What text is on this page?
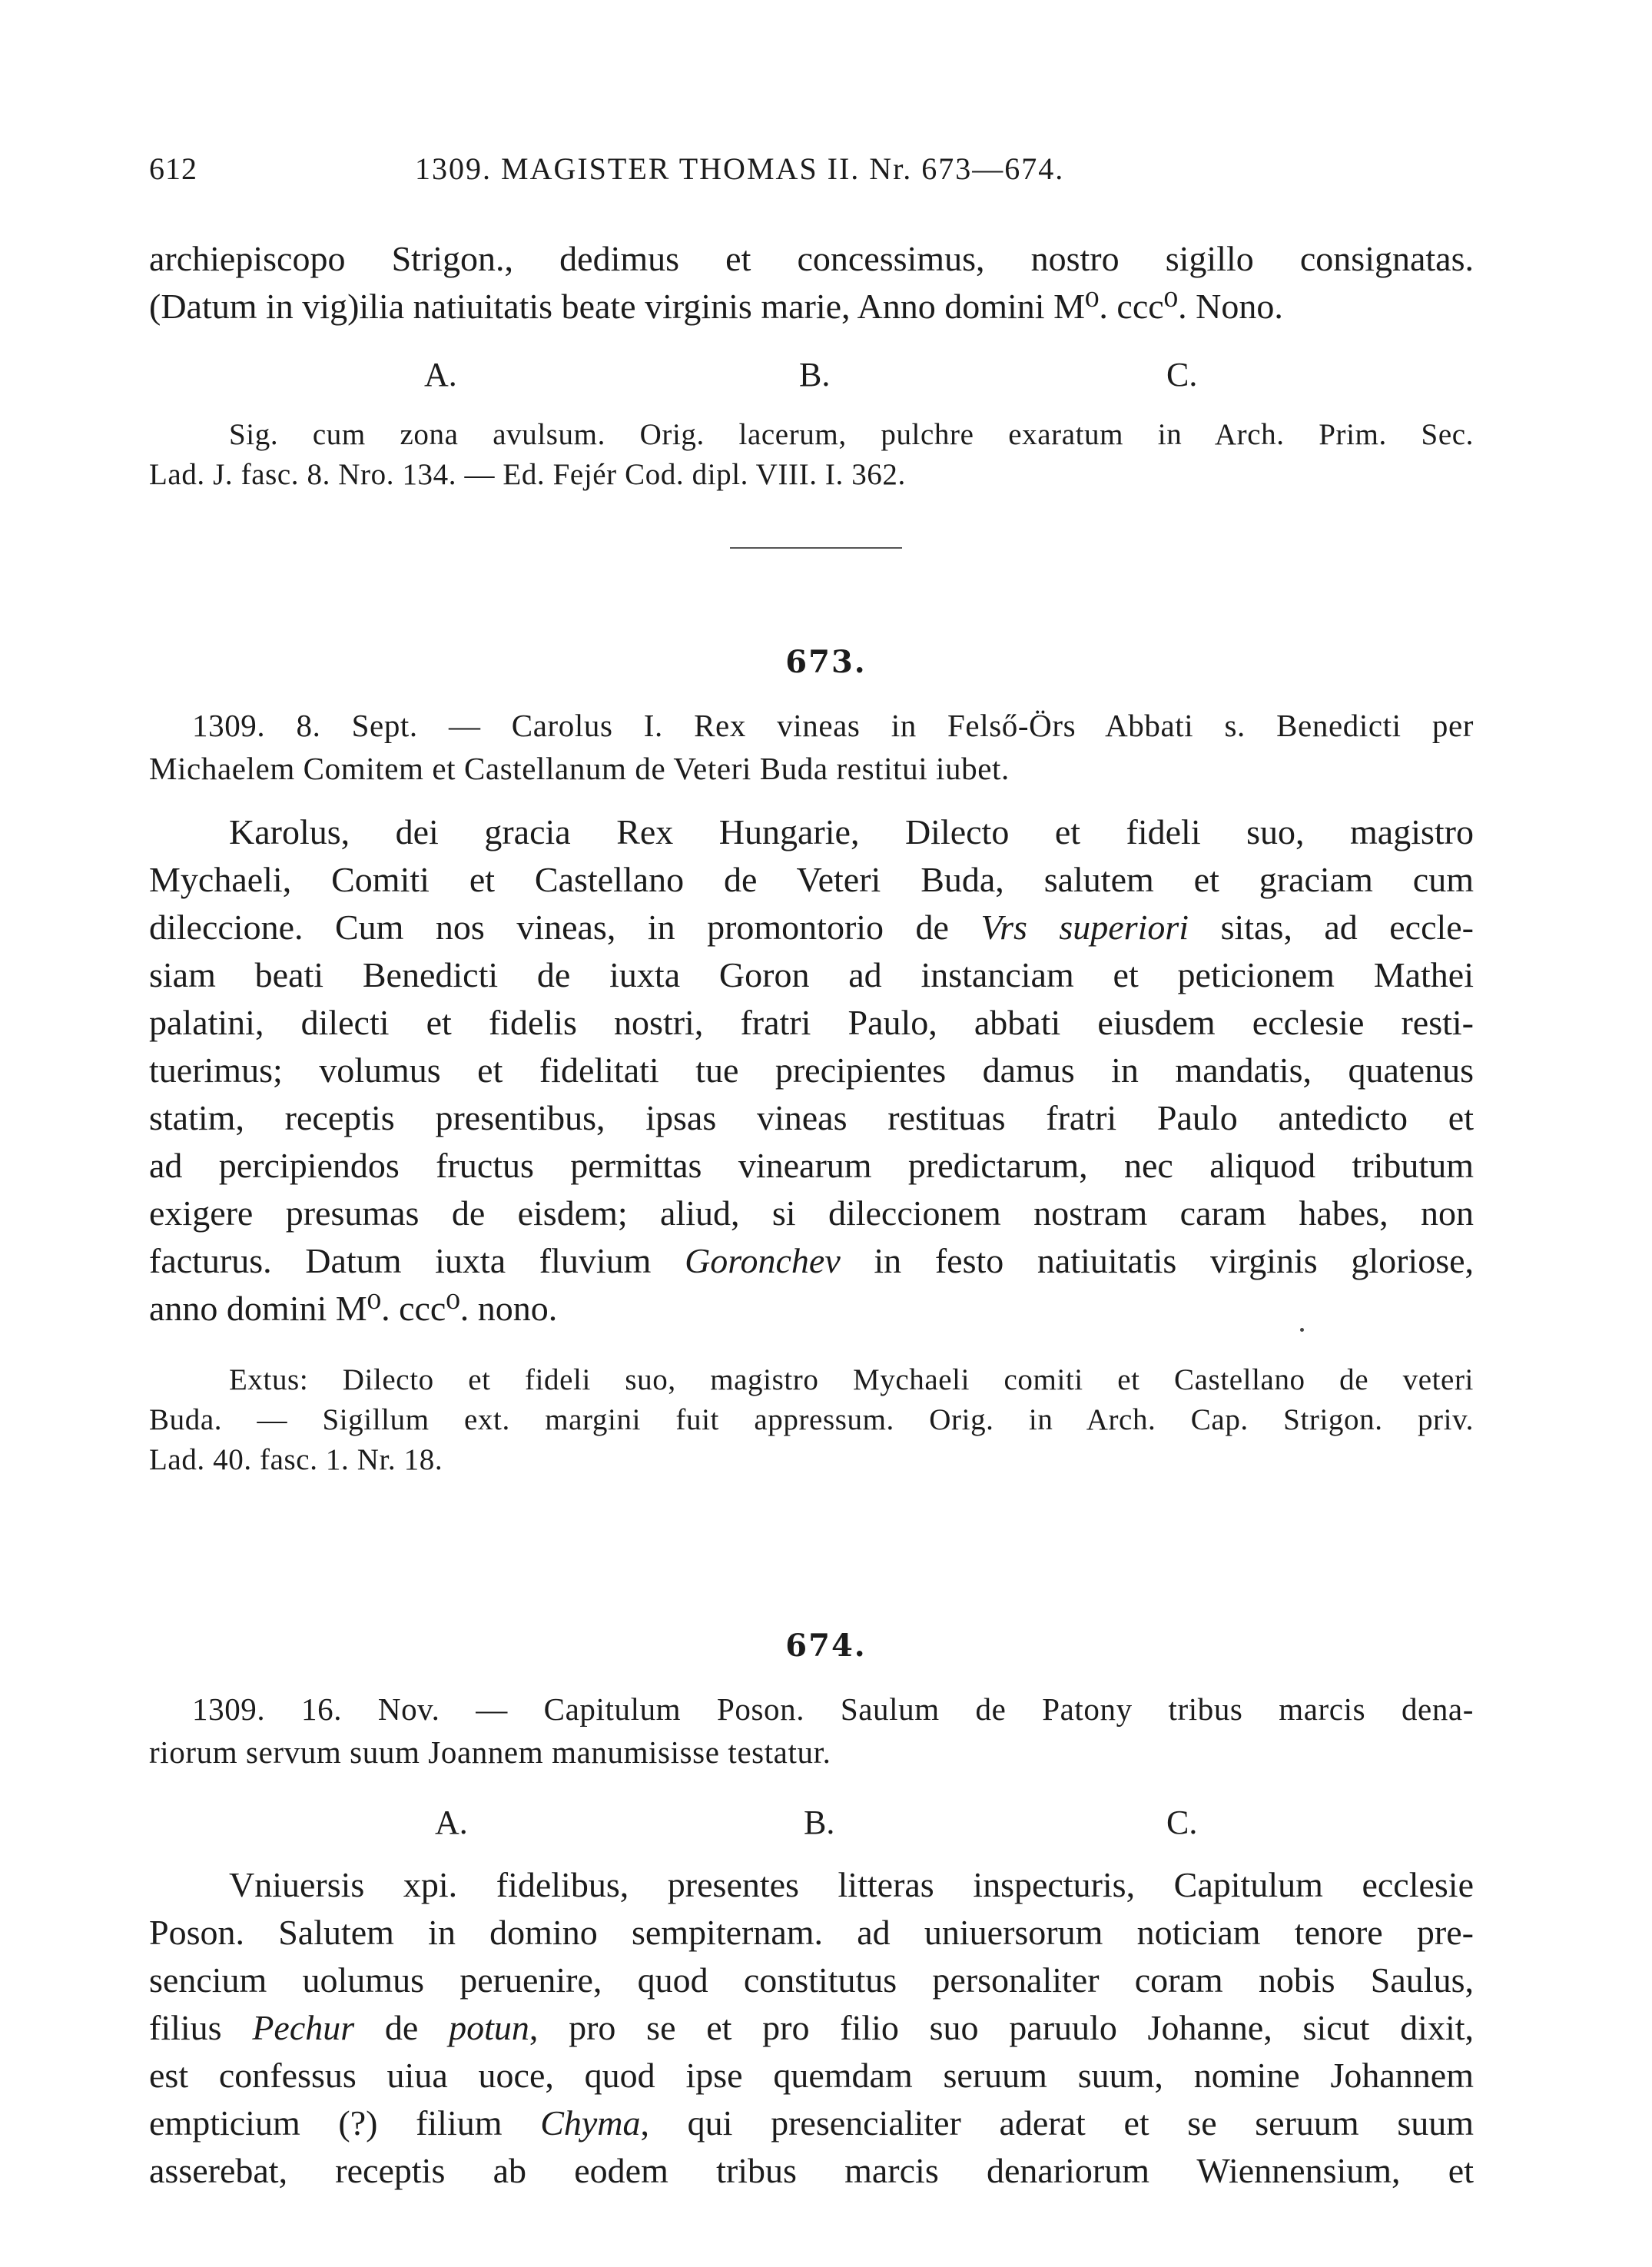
612	1309. MAGISTER THOMAS II. Nr. 673—674.

archiepiscopo Strigon., dedimus et concessimus, nostro sigillo consignatas.
(Datum in vig)ilia natiuitatis beate virginis marie, Anno domini M⁰. ccc⁰. Nono.

A.	B.	C.

Sig. cum zona avulsum. Orig. lacerum, pulchre exaratum in Arch. Prim. Sec.
Lad. J. fasc. 8. Nro. 134. — Ed. Fejér Cod. dipl. VIII. I. 362.

673.

1309. 8. Sept. — Carolus I. Rex vineas in Felső-Örs Abbati s. Benedicti per
Michaelem Comitem et Castellanum de Veteri Buda restitui iubet.

Karolus, dei gracia Rex Hungarie, Dilecto et fideli suo, magistro
Mychaeli, Comiti et Castellano de Veteri Buda, salutem et graciam cum
dileccione. Cum nos vineas, in promontorio de Vrs superiori sitas, ad eccle-
siam beati Benedicti de iuxta Goron ad instanciam et peticionem Mathei
palatini, dilecti et fidelis nostri, fratri Paulo, abbati eiusdem ecclesie resti-
tuerimus; volumus et fidelitati tue precipientes damus in mandatis, quatenus
statim, receptis presentibus, ipsas vineas restituas fratri Paulo antedicto et
ad percipiendos fructus permittas vinearum predictarum, nec aliquod tributum
exigere presumas de eisdem; aliud, si dileccionem nostram caram habes, non
facturus. Datum iuxta fluvium Goronchev in festo natiuitatis virginis gloriose,
anno domini M⁰. ccc⁰. nono.

Extus: Dilecto et fideli suo, magistro Mychaeli comiti et Castellano de veteri
Buda. — Sigillum ext. margini fuit appressum. Orig. in Arch. Cap. Strigon. priv.
Lad. 40. fasc. 1. Nr. 18.

674.

1309. 16. Nov. — Capitulum Poson. Saulum de Patony tribus marcis dena-
riorum servum suum Joannem manumisisse testatur.

A.	B.	C.

Vniuersis xpi. fidelibus, presentes litteras inspecturis, Capitulum ecclesie
Poson. Salutem in domino sempiternam. ad uniuersorum noticiam tenore pre-
sencium uolumus peruenire, quod constitutus personaliter coram nobis Saulus,
filius Pechur de potun, pro se et pro filio suo paruulo Johanne, sicut dixit,
est confessus uiua uoce, quod ipse quemdam seruum suum, nomine Johannem
empticium (?) filium Chyma, qui presencialiter aderat et se seruum suum
asserebat, receptis ab eodem tribus marcis denariorum Wiennensium, et
